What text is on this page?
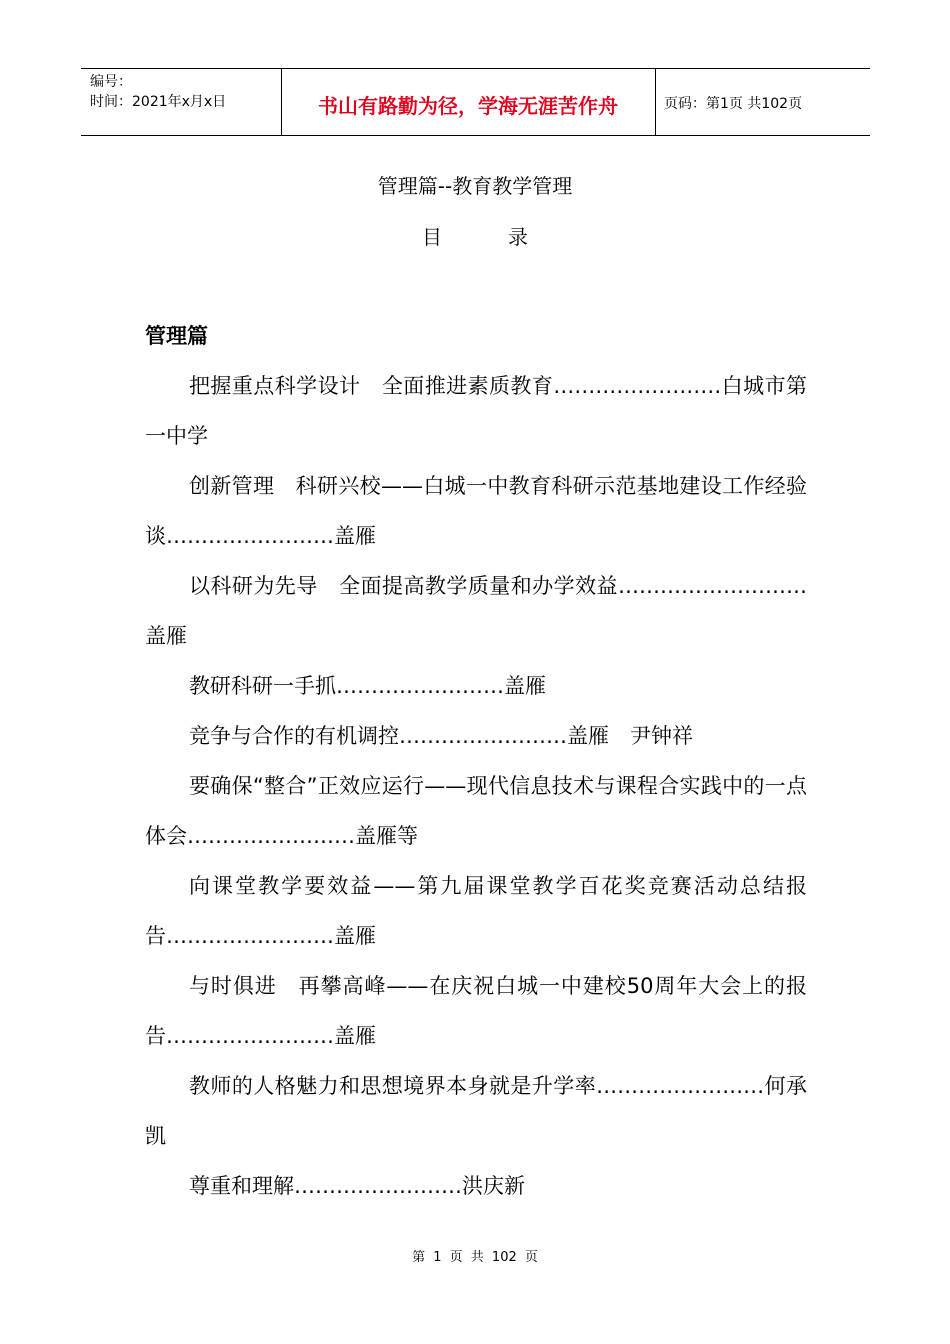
编号：
时间：2021年x月x日	书山有路勤为径，学海无涯苦作舟	页码：第1页 共102页
管理篇--教育教学管理
目	录
管理篇

把握重点科学设计　全面推进素质教育……………………白城市第一中学

创新管理　科研兴校——白城一中教育科研示范基地建设工作经验谈……………………盖雁

以科研为先导　全面提高教学质量和办学效益………………………盖雁

教研科研一手抓……………………盖雁

竞争与合作的有机调控……………………盖雁　尹钟祥

要确保“整合”正效应运行——现代信息技术与课程合实践中的一点体会……………………盖雁等

向课堂教学要效益——第九届课堂教学百花奖竞赛活动总结报告……………………盖雁

与时俱进　再攀高峰——在庆祝白城一中建校50周年大会上的报告……………………盖雁

教师的人格魅力和思想境界本身就是升学率……………………何承凯

尊重和理解……………………洪庆新

第 1 页 共 102 页
